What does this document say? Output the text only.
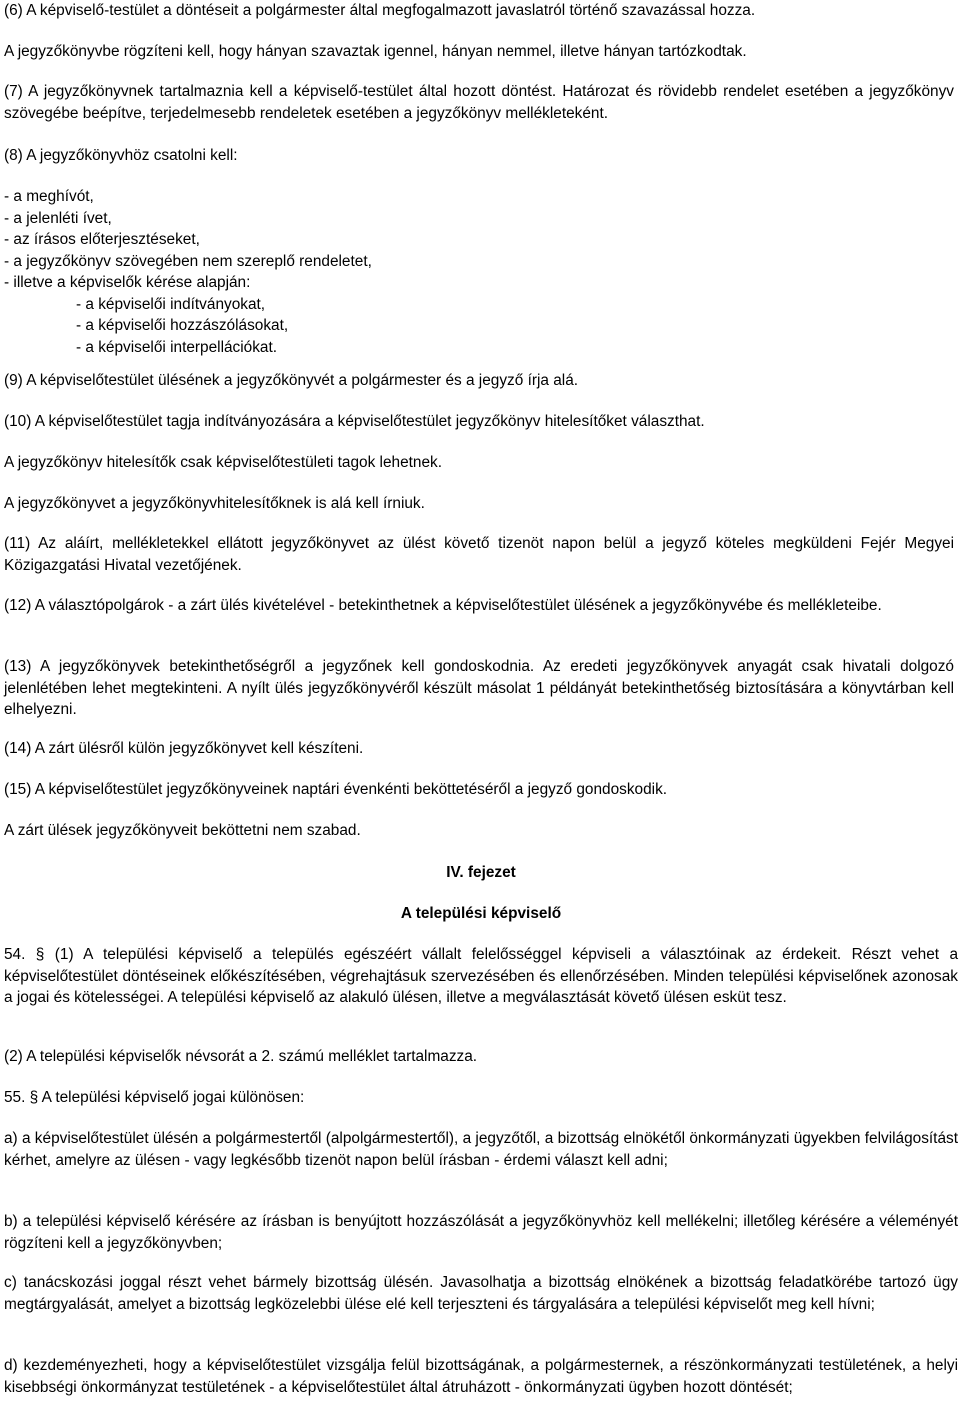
(6) A képviselő-testület a döntéseit a polgármester által megfogalmazott javaslatról történő szavazással hozza.

A jegyzőkönyvbe rögzíteni kell, hogy hányan szavaztak igennel, hányan nemmel, illetve hányan tartózkodtak.

(7) A jegyzőkönyvnek tartalmaznia kell a képviselő-testület által hozott döntést. Határozat és rövidebb rendelet esetében a jegyzőkönyv szövegébe beépítve, terjedelmesebb rendeletek esetében a jegyzőkönyv mellékleteként.

(8) A jegyzőkönyvhöz csatolni kell:

- a meghívót,

- a jelenléti ívet,

- az írásos előterjesztéseket,

- a jegyzőkönyv szövegében nem szereplő rendeletet,

- illetve a képviselők kérése alapján:

- a képviselői indítványokat,

- a képviselői hozzászólásokat,

- a képviselői interpellációkat.

(9) A képviselőtestület ülésének a jegyzőkönyvét a polgármester és a jegyző írja alá.

(10) A képviselőtestület tagja indítványozására a képviselőtestület jegyzőkönyv hitelesítőket választhat.

A jegyzőkönyv hitelesítők csak képviselőtestületi tagok lehetnek.

A jegyzőkönyvet a jegyzőkönyvhitelesítőknek is alá kell írniuk.

(11) Az aláírt, mellékletekkel ellátott jegyzőkönyvet az ülést követő tizenöt napon belül a jegyző köteles megküldeni Fejér Megyei Közigazgatási Hivatal vezetőjének.

(12) A választópolgárok - a zárt ülés kivételével - betekinthetnek a képviselőtestület ülésének a jegyzőkönyvébe és mellékleteibe.

(13) A jegyzőkönyvek betekinthetőségről a jegyzőnek kell gondoskodnia. Az eredeti jegyzőkönyvek anyagát csak hivatali dolgozó jelenlétében lehet megtekinteni. A nyílt ülés jegyzőkönyvéről készült másolat 1 példányát betekinthetőség biztosítására a könyvtárban kell elhelyezni.

(14) A zárt ülésről külön jegyzőkönyvet kell készíteni.

(15) A képviselőtestület jegyzőkönyveinek naptári évenkénti beköttetéséről a jegyző gondoskodik.

A zárt ülések jegyzőkönyveit beköttetni nem szabad.

IV. fejezet

A települési képviselő

54. § (1) A települési képviselő a település egészéért vállalt felelősséggel képviseli a választóinak az érdekeit. Részt vehet a képviselőtestület döntéseinek előkészítésében, végrehajtásuk szervezésében és ellenőrzésében. Minden települési képviselőnek azonosak a jogai és kötelességei. A települési képviselő az alakuló ülésen, illetve a megválasztását követő ülésen esküt tesz.

(2) A települési képviselők névsorát a 2. számú melléklet tartalmazza.

55. § A települési képviselő jogai különösen:

a) a képviselőtestület ülésén a polgármestertől (alpolgármestertől), a jegyzőtől, a bizottság elnökétől önkormányzati ügyekben felvilágosítást kérhet, amelyre az ülésen - vagy legkésőbb tizenöt napon belül írásban - érdemi választ kell adni;

b) a települési képviselő kérésére az írásban is benyújtott hozzászólását a jegyzőkönyvhöz kell mellékelni; illetőleg kérésére a véleményét rögzíteni kell a jegyzőkönyvben;

c) tanácskozási joggal részt vehet bármely bizottság ülésén. Javasolhatja a bizottság elnökének a bizottság feladatkörébe tartozó ügy megtárgyalását, amelyet a bizottság legközelebbi ülése elé kell terjeszteni és tárgyalására a települési képviselőt meg kell hívni;

d) kezdeményezheti, hogy a képviselőtestület vizsgálja felül bizottságának, a polgármesternek, a részönkormányzati testületének, a helyi kisebbségi önkormányzat testületének - a képviselőtestület által átruházott - önkormányzati ügyben hozott döntését;
